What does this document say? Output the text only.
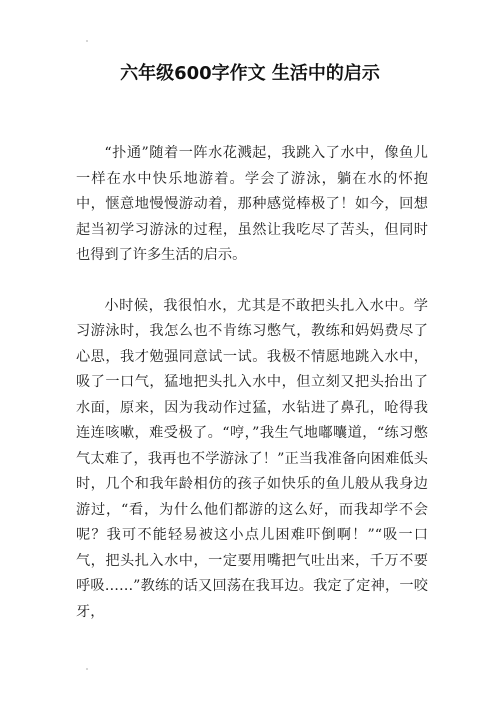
六年级600字作文 生活中的启示

“扑通”随着一阵水花溅起，我跳入了水中，像鱼儿一样在水中快乐地游着。学会了游泳，躺在水的怀抱中，惬意地慢慢游动着，那种感觉棒极了！如今，回想起当初学习游泳的过程，虽然让我吃尽了苦头，但同时也得到了许多生活的启示。

小时候，我很怕水，尤其是不敢把头扎入水中。学习游泳时，我怎么也不肯练习憋气，教练和妈妈费尽了心思，我才勉强同意试一试。我极不情愿地跳入水中，吸了一口气，猛地把头扎入水中，但立刻又把头抬出了水面，原来，因为我动作过猛，水钻进了鼻孔，呛得我连连咳嗽，难受极了。“哼，”我生气地嘟囔道，“练习憋气太难了，我再也不学游泳了！”正当我准备向困难低头时，几个和我年龄相仿的孩子如快乐的鱼儿般从我身边游过，“看，为什么他们都游的这么好，而我却学不会呢？我可不能轻易被这小点儿困难吓倒啊！”“吸一口气，把头扎入水中，一定要用嘴把气吐出来，千万不要呼吸……”教练的话又回荡在我耳边。我定了定神，一咬牙，
